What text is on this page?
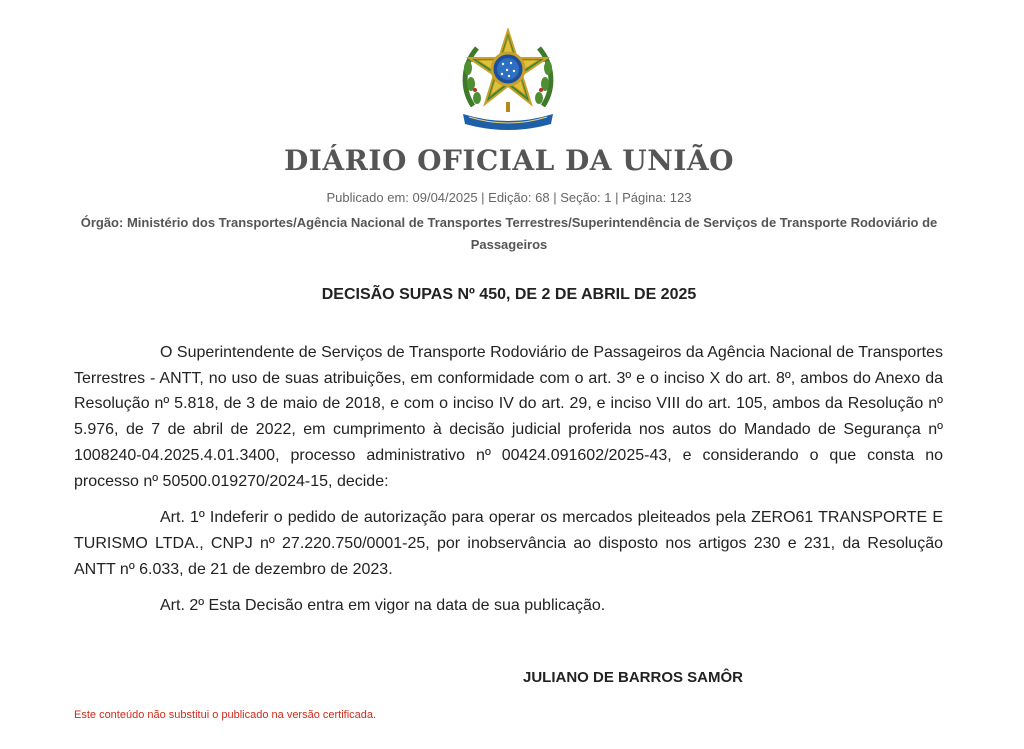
DIÁRIO OFICIAL DA UNIÃO
Publicado em: 09/04/2025 | Edição: 68 | Seção: 1 | Página: 123
Órgão: Ministério dos Transportes/Agência Nacional de Transportes Terrestres/Superintendência de Serviços de Transporte Rodoviário de Passageiros
DECISÃO SUPAS Nº 450, DE 2 DE ABRIL DE 2025

O Superintendente de Serviços de Transporte Rodoviário de Passageiros da Agência Nacional de Transportes Terrestres - ANTT, no uso de suas atribuições, em conformidade com o art. 3º e o inciso X do art. 8º, ambos do Anexo da Resolução nº 5.818, de 3 de maio de 2018, e com o inciso IV do art. 29, e inciso VIII do art. 105, ambos da Resolução nº 5.976, de 7 de abril de 2022, em cumprimento à decisão judicial proferida nos autos do Mandado de Segurança nº 1008240-04.2025.4.01.3400, processo administrativo nº 00424.091602/2025-43, e considerando o que consta no processo nº 50500.019270/2024-15, decide:

Art. 1º Indeferir o pedido de autorização para operar os mercados pleiteados pela ZERO61 TRANSPORTE E TURISMO LTDA., CNPJ nº 27.220.750/0001-25, por inobservância ao disposto nos artigos 230 e 231, da Resolução ANTT nº 6.033, de 21 de dezembro de 2023.

Art. 2º Esta Decisão entra em vigor na data de sua publicação.

JULIANO DE BARROS SAMÔR
Este conteúdo não substitui o publicado na versão certificada.
